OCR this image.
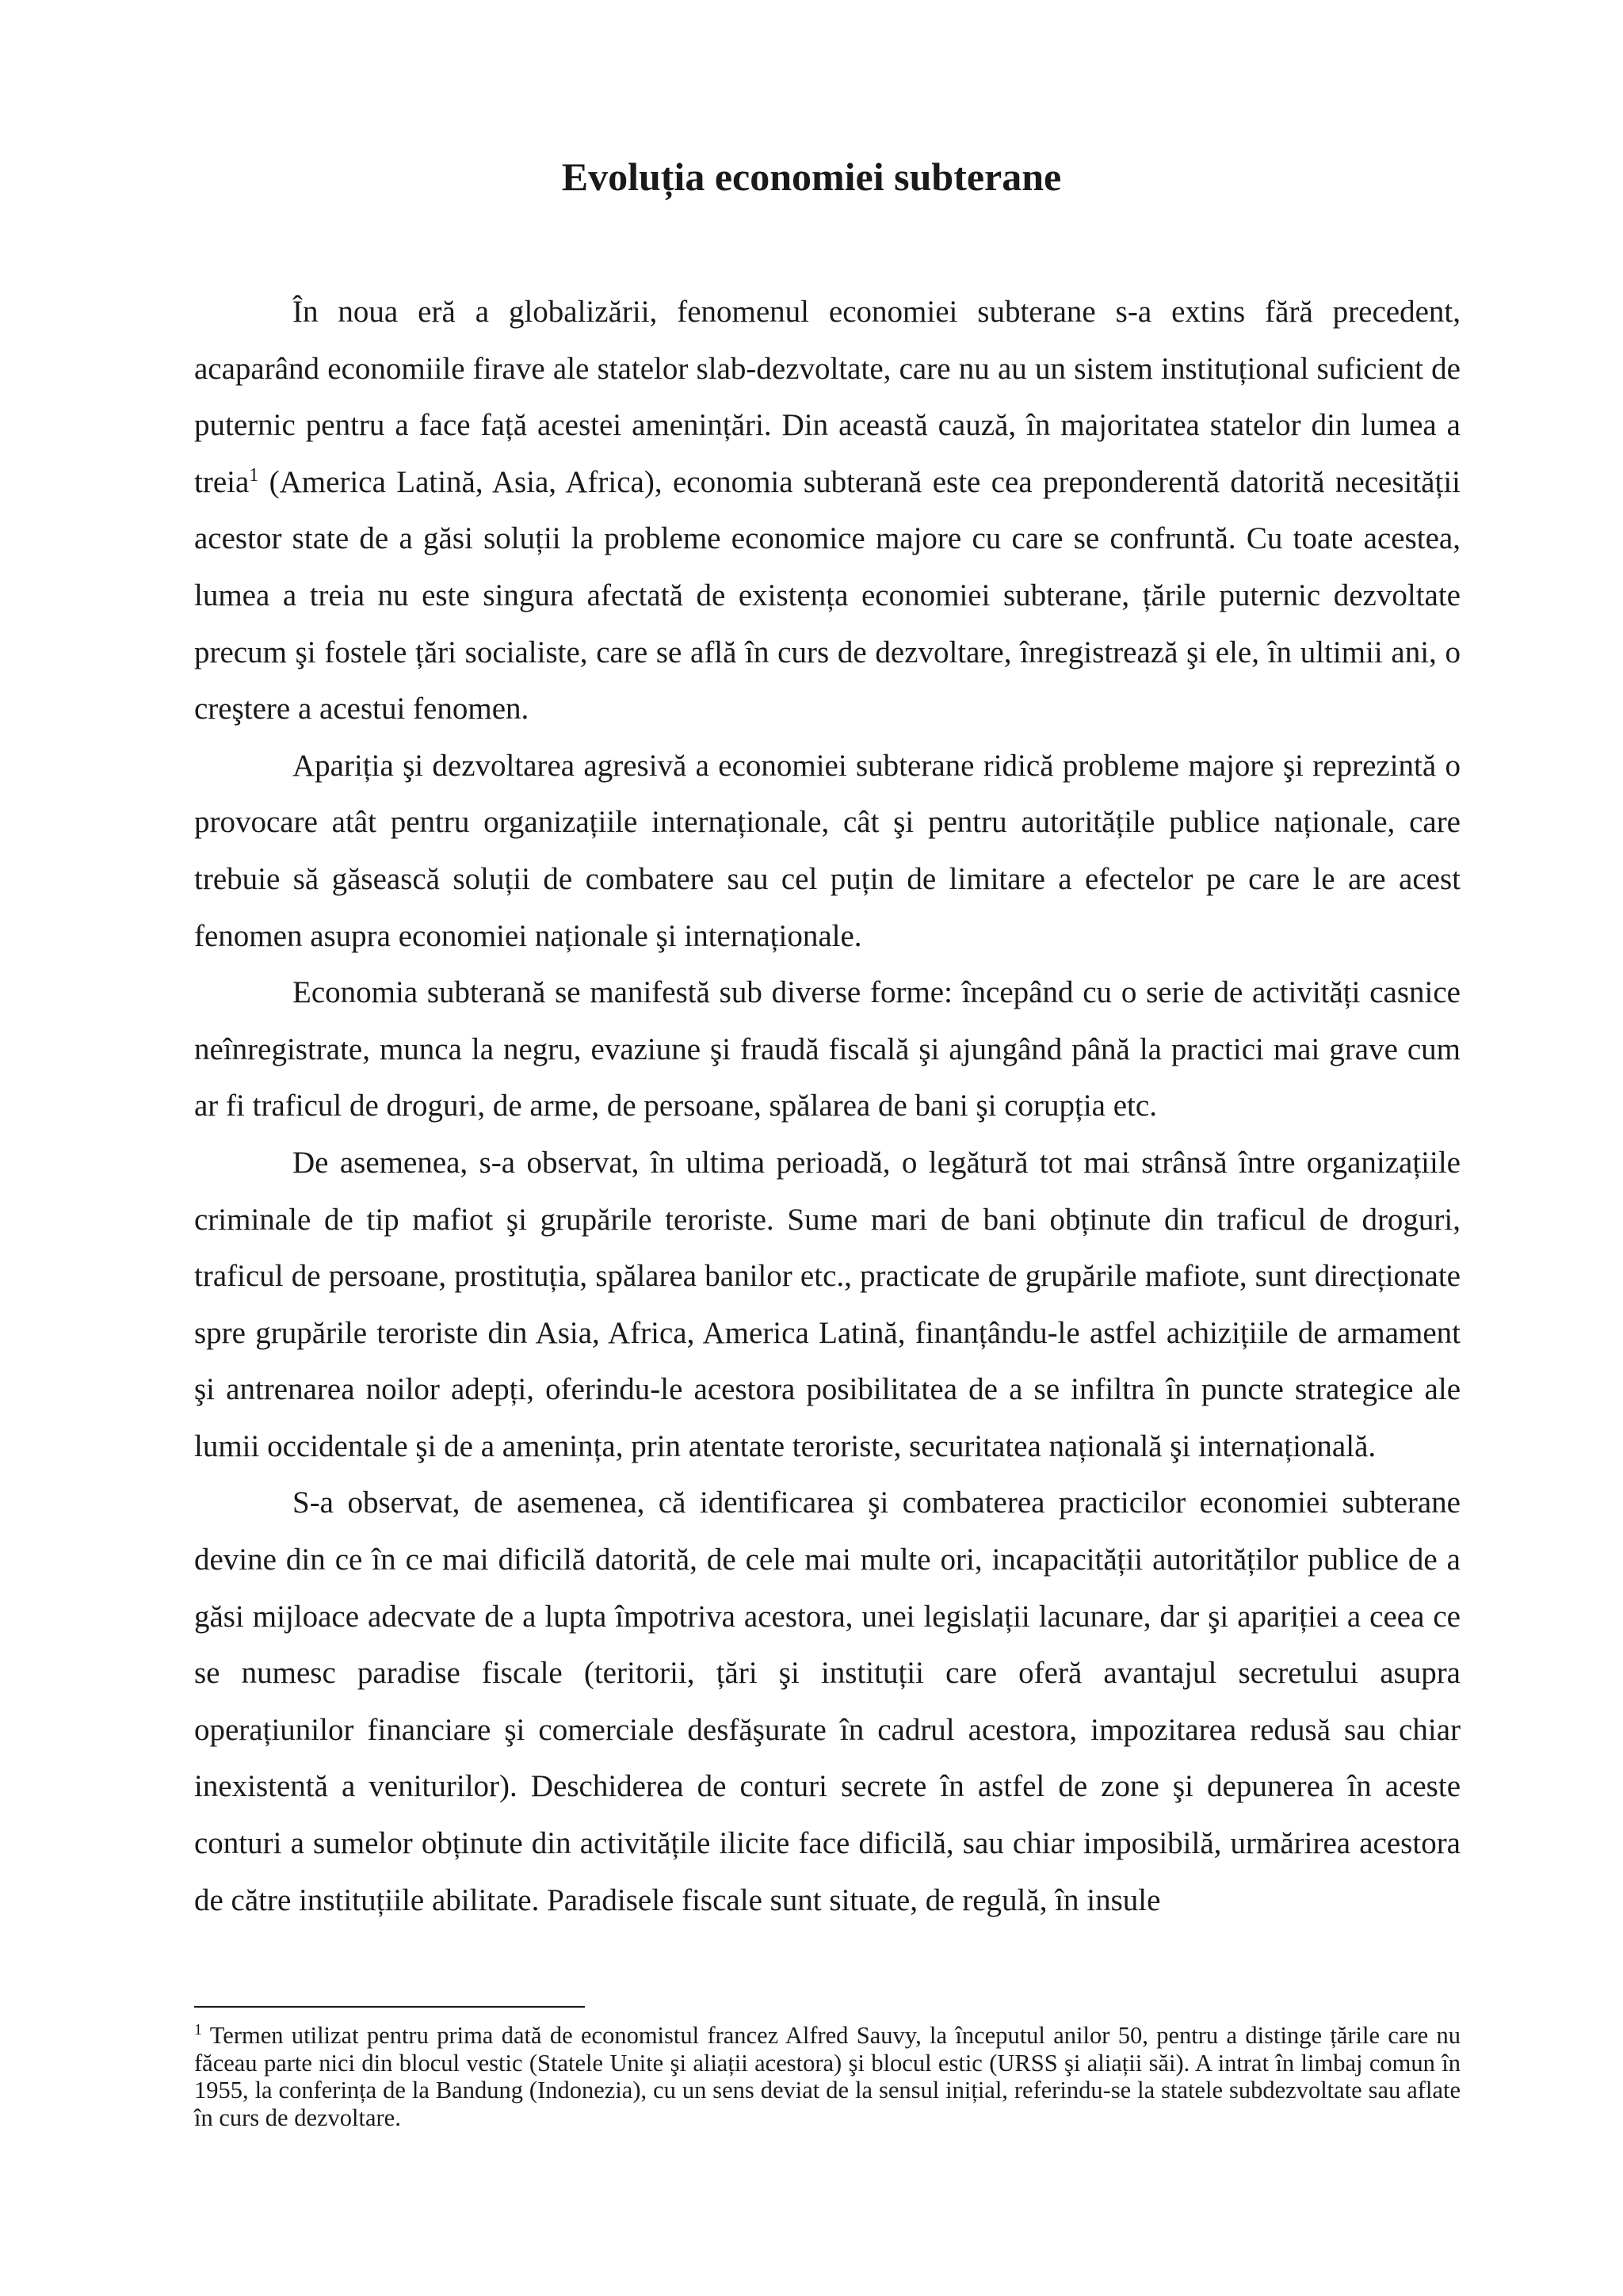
Evoluția economiei subterane

În noua eră a globalizării, fenomenul economiei subterane s-a extins fără precedent, acaparând economiile firave ale statelor slab-dezvoltate, care nu au un sistem instituțional suficient de puternic pentru a face față acestei amenințări. Din această cauză, în majoritatea statelor din lumea a treia$^1$ (America Latină, Asia, Africa), economia subterană este cea preponderentă datorită necesității acestor state de a găsi soluții la probleme economice majore cu care se confruntă. Cu toate acestea, lumea a treia nu este singura afectată de existența economiei subterane, țările puternic dezvoltate precum şi fostele țări socialiste, care se află în curs de dezvoltare, înregistrează şi ele, în ultimii ani, o creştere a acestui fenomen.

Apariția şi dezvoltarea agresivă a economiei subterane ridică probleme majore şi reprezintă o provocare atât pentru organizațiile internaționale, cât şi pentru autoritățile publice naționale, care trebuie să găsească soluții de combatere sau cel puțin de limitare a efectelor pe care le are acest fenomen asupra economiei naționale şi internaționale.

Economia subterană se manifestă sub diverse forme: începând cu o serie de activități casnice neînregistrate, munca la negru, evaziune şi fraudă fiscală şi ajungând până la practici mai grave cum ar fi traficul de droguri, de arme, de persoane, spălarea de bani şi corupția etc.

De asemenea, s-a observat, în ultima perioadă, o legătură tot mai strânsă între organizațiile criminale de tip mafiot şi grupările teroriste. Sume mari de bani obținute din traficul de droguri, traficul de persoane, prostituția, spălarea banilor etc., practicate de grupările mafiote, sunt direcționate spre grupările teroriste din Asia, Africa, America Latină, finanțându-le astfel achizițiile de armament şi antrenarea noilor adepți, oferindu-le acestora posibilitatea de a se infiltra în puncte strategice ale lumii occidentale şi de a amenința, prin atentate teroriste, securitatea națională şi internațională.

S-a observat, de asemenea, că identificarea şi combaterea practicilor economiei subterane devine din ce în ce mai dificilă datorită, de cele mai multe ori, incapacității autorităților publice de a găsi mijloace adecvate de a lupta împotriva acestora, unei legislații lacunare, dar şi apariției a ceea ce se numesc paradise fiscale (teritorii, țări şi instituții care oferă avantajul secretului asupra operațiunilor financiare şi comerciale desfăşurate în cadrul acestora, impozitarea redusă sau chiar inexistentă a veniturilor). Deschiderea de conturi secrete în astfel de zone şi depunerea în aceste conturi a sumelor obținute din activitățile ilicite face dificilă, sau chiar imposibilă, urmărirea acestora de către instituțiile abilitate. Paradisele fiscale sunt situate, de regulă, în insule

$^1$ Termen utilizat pentru prima dată de economistul francez Alfred Sauvy, la începutul anilor 50, pentru a distinge țările care nu făceau parte nici din blocul vestic (Statele Unite şi aliații acestora) şi blocul estic (URSS şi aliații săi). A intrat în limbaj comun în 1955, la conferința de la Bandung (Indonezia), cu un sens deviat de la sensul inițial, referindu-se la statele subdezvoltate sau aflate în curs de dezvoltare.
